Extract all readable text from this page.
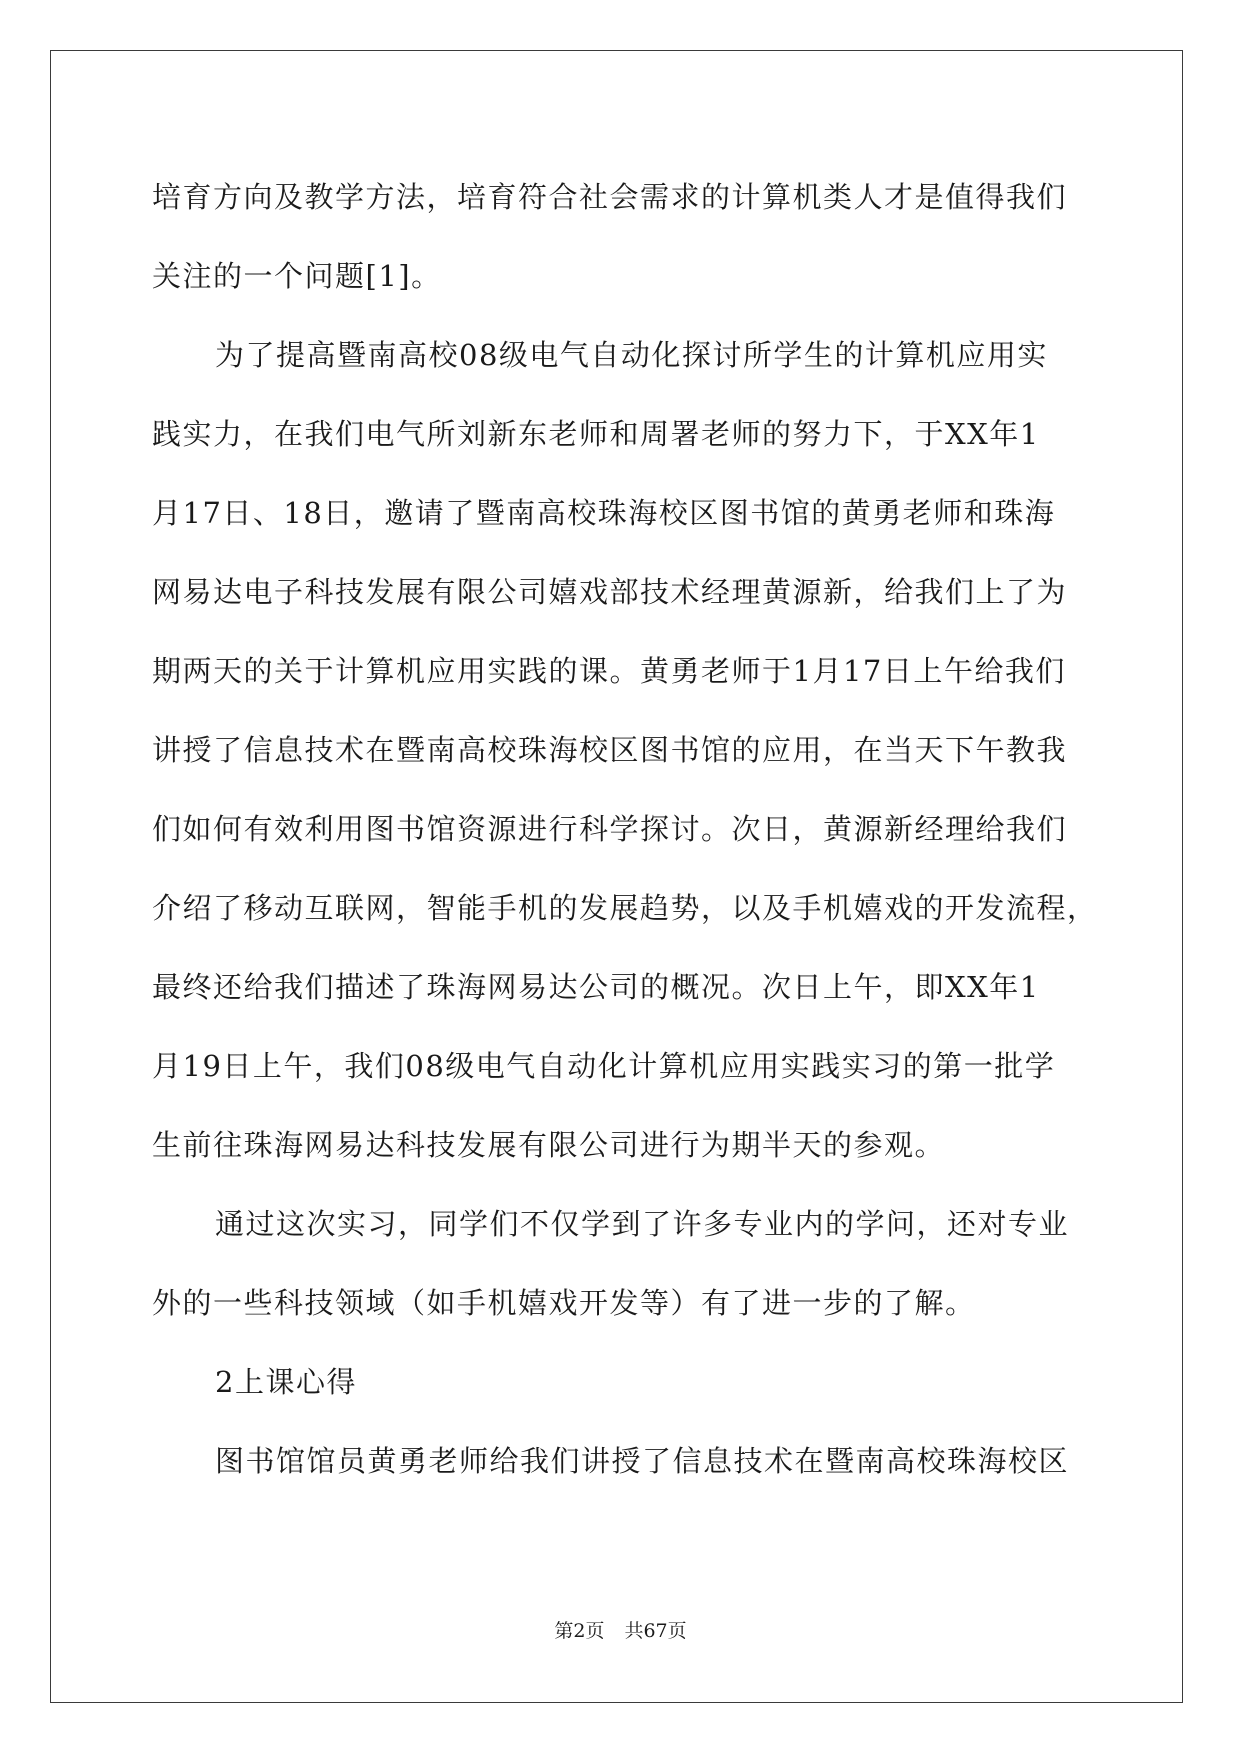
培育方向及教学方法，培育符合社会需求的计算机类人才是值得我们
关注的一个问题[1]。
为了提高暨南高校08级电气自动化探讨所学生的计算机应用实
践实力，在我们电气所刘新东老师和周署老师的努力下，于XX年1
月17日、18日，邀请了暨南高校珠海校区图书馆的黄勇老师和珠海
网易达电子科技发展有限公司嬉戏部技术经理黄源新，给我们上了为
期两天的关于计算机应用实践的课。黄勇老师于1月17日上午给我们
讲授了信息技术在暨南高校珠海校区图书馆的应用，在当天下午教我
们如何有效利用图书馆资源进行科学探讨。次日，黄源新经理给我们
介绍了移动互联网，智能手机的发展趋势，以及手机嬉戏的开发流程，
最终还给我们描述了珠海网易达公司的概况。次日上午，即XX年1
月19日上午，我们08级电气自动化计算机应用实践实习的第一批学
生前往珠海网易达科技发展有限公司进行为期半天的参观。
通过这次实习，同学们不仅学到了许多专业内的学问，还对专业
外的一些科技领域（如手机嬉戏开发等）有了进一步的了解。
2上课心得
图书馆馆员黄勇老师给我们讲授了信息技术在暨南高校珠海校区
第2页 共67页
